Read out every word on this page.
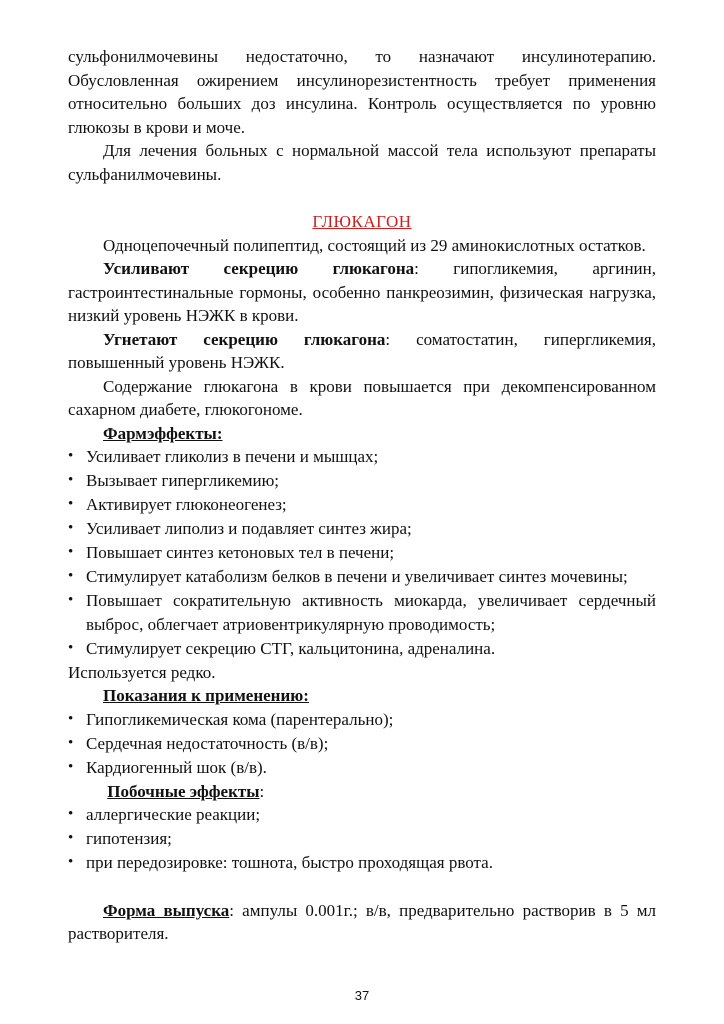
сульфонилмочевины недостаточно, то назначают инсулинотерапию.
Обусловленная ожирением инсулинорезистентность требует применения относительно больших доз инсулина. Контроль осуществляется по уровню глюкозы в крови и моче.

Для лечения больных с нормальной массой тела используют препараты сульфанилмочевины.

ГЛЮКАГОН

Одноцепочечный полипептид, состоящий из 29 аминокислотных остатков.

Усиливают секрецию глюкагона: гипогликемия, аргинин, гастроинтестинальные гормоны, особенно панкреозимин, физическая нагрузка, низкий уровень НЭЖК в крови.

Угнетают секрецию глюкагона: соматостатин, гипергликемия, повышенный уровень НЭЖК.

Содержание глюкагона в крови повышается при декомпенсированном сахарном диабете, глюкогономе.

Фармэффекты:

• Усиливает гликолиз в печени и мышцах;
• Вызывает гипергликемию;
• Активирует глюконеогенез;
• Усиливает липолиз и подавляет синтез жира;
• Повышает синтез кетоновых тел в печени;
• Стимулирует катаболизм белков в печени и увеличивает синтез мочевины;
• Повышает сократительную активность миокарда, увеличивает сердечный выброс, облегчает атриовентрикулярную проводимость;
• Стимулирует секрецию СТГ, кальцитонина, адреналина.

Используется редко.

Показания к применению:

• Гипогликемическая кома (парентерально);
• Сердечная недостаточность (в/в);
• Кардиогенный шок (в/в).

Побочные эффекты:

• аллергические реакции;
• гипотензия;
• при передозировке: тошнота, быстро проходящая рвота.

Форма выпуска: ампулы 0.001г.; в/в, предварительно растворив в 5 мл растворителя.

37
